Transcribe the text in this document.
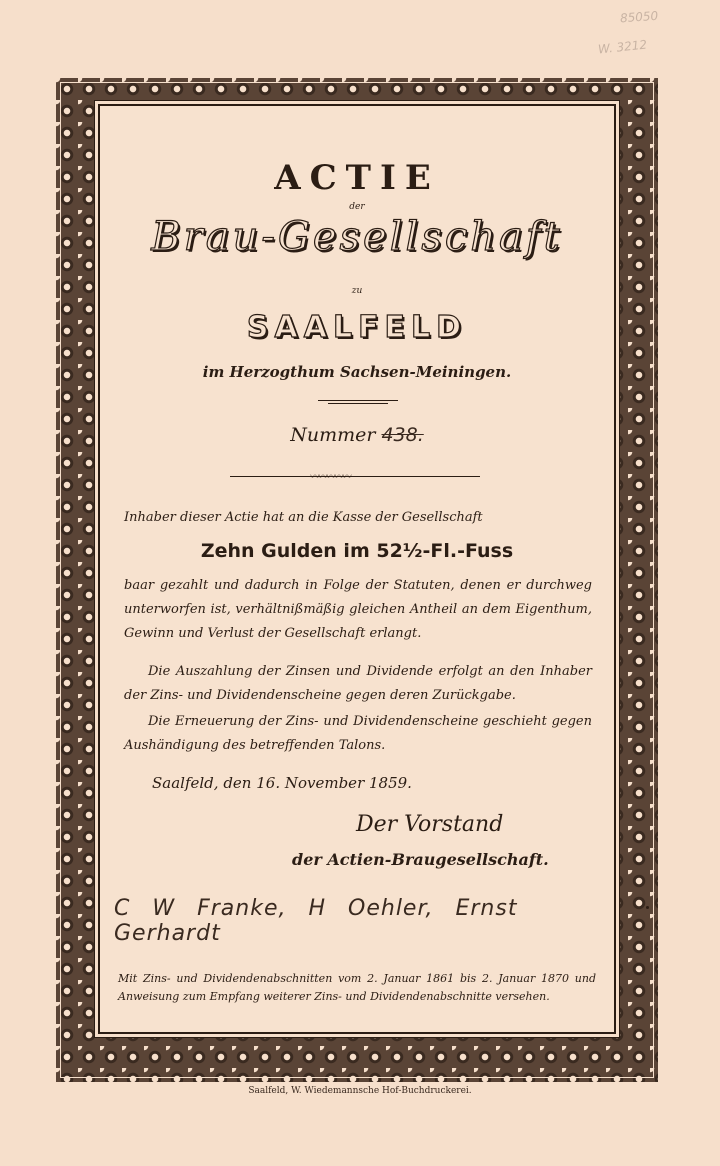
85050
W. 3212
ACTIE
der
Brau-Gesellschaft
zu
SAALFELD
im Herzogthum Sachsen-Meiningen.
Nummer 438.
〰〰〰〰〰
Inhaber dieser Actie hat an die Kasse der Gesellschaft
Zehn Gulden im 52½-Fl.-Fuss
baar gezahlt und dadurch in Folge der Statuten, denen er durchweg unterworfen ist, verhältnißmäßig gleichen Antheil an dem Eigenthum, Gewinn und Verlust der Gesellschaft erlangt.
Die Auszahlung der Zinsen und Dividende erfolgt an den Inhaber der Zins- und Dividendenscheine gegen deren Zurückgabe.
Die Erneuerung der Zins- und Dividendenscheine geschieht gegen Aushändigung des betreffenden Talons.
Saalfeld, den 16. November 1859.
Der Vorstand
der Actien-Braugesellschaft.
C W Franke, H Oehler, Ernst Gerhardt
Mit Zins- und Dividendenabschnitten vom 2. Januar 1861 bis 2. Januar 1870 und Anweisung zum Empfang weiterer Zins- und Dividendenabschnitte versehen.
Saalfeld, W. Wiedemannsche Hof-Buchdruckerei.
